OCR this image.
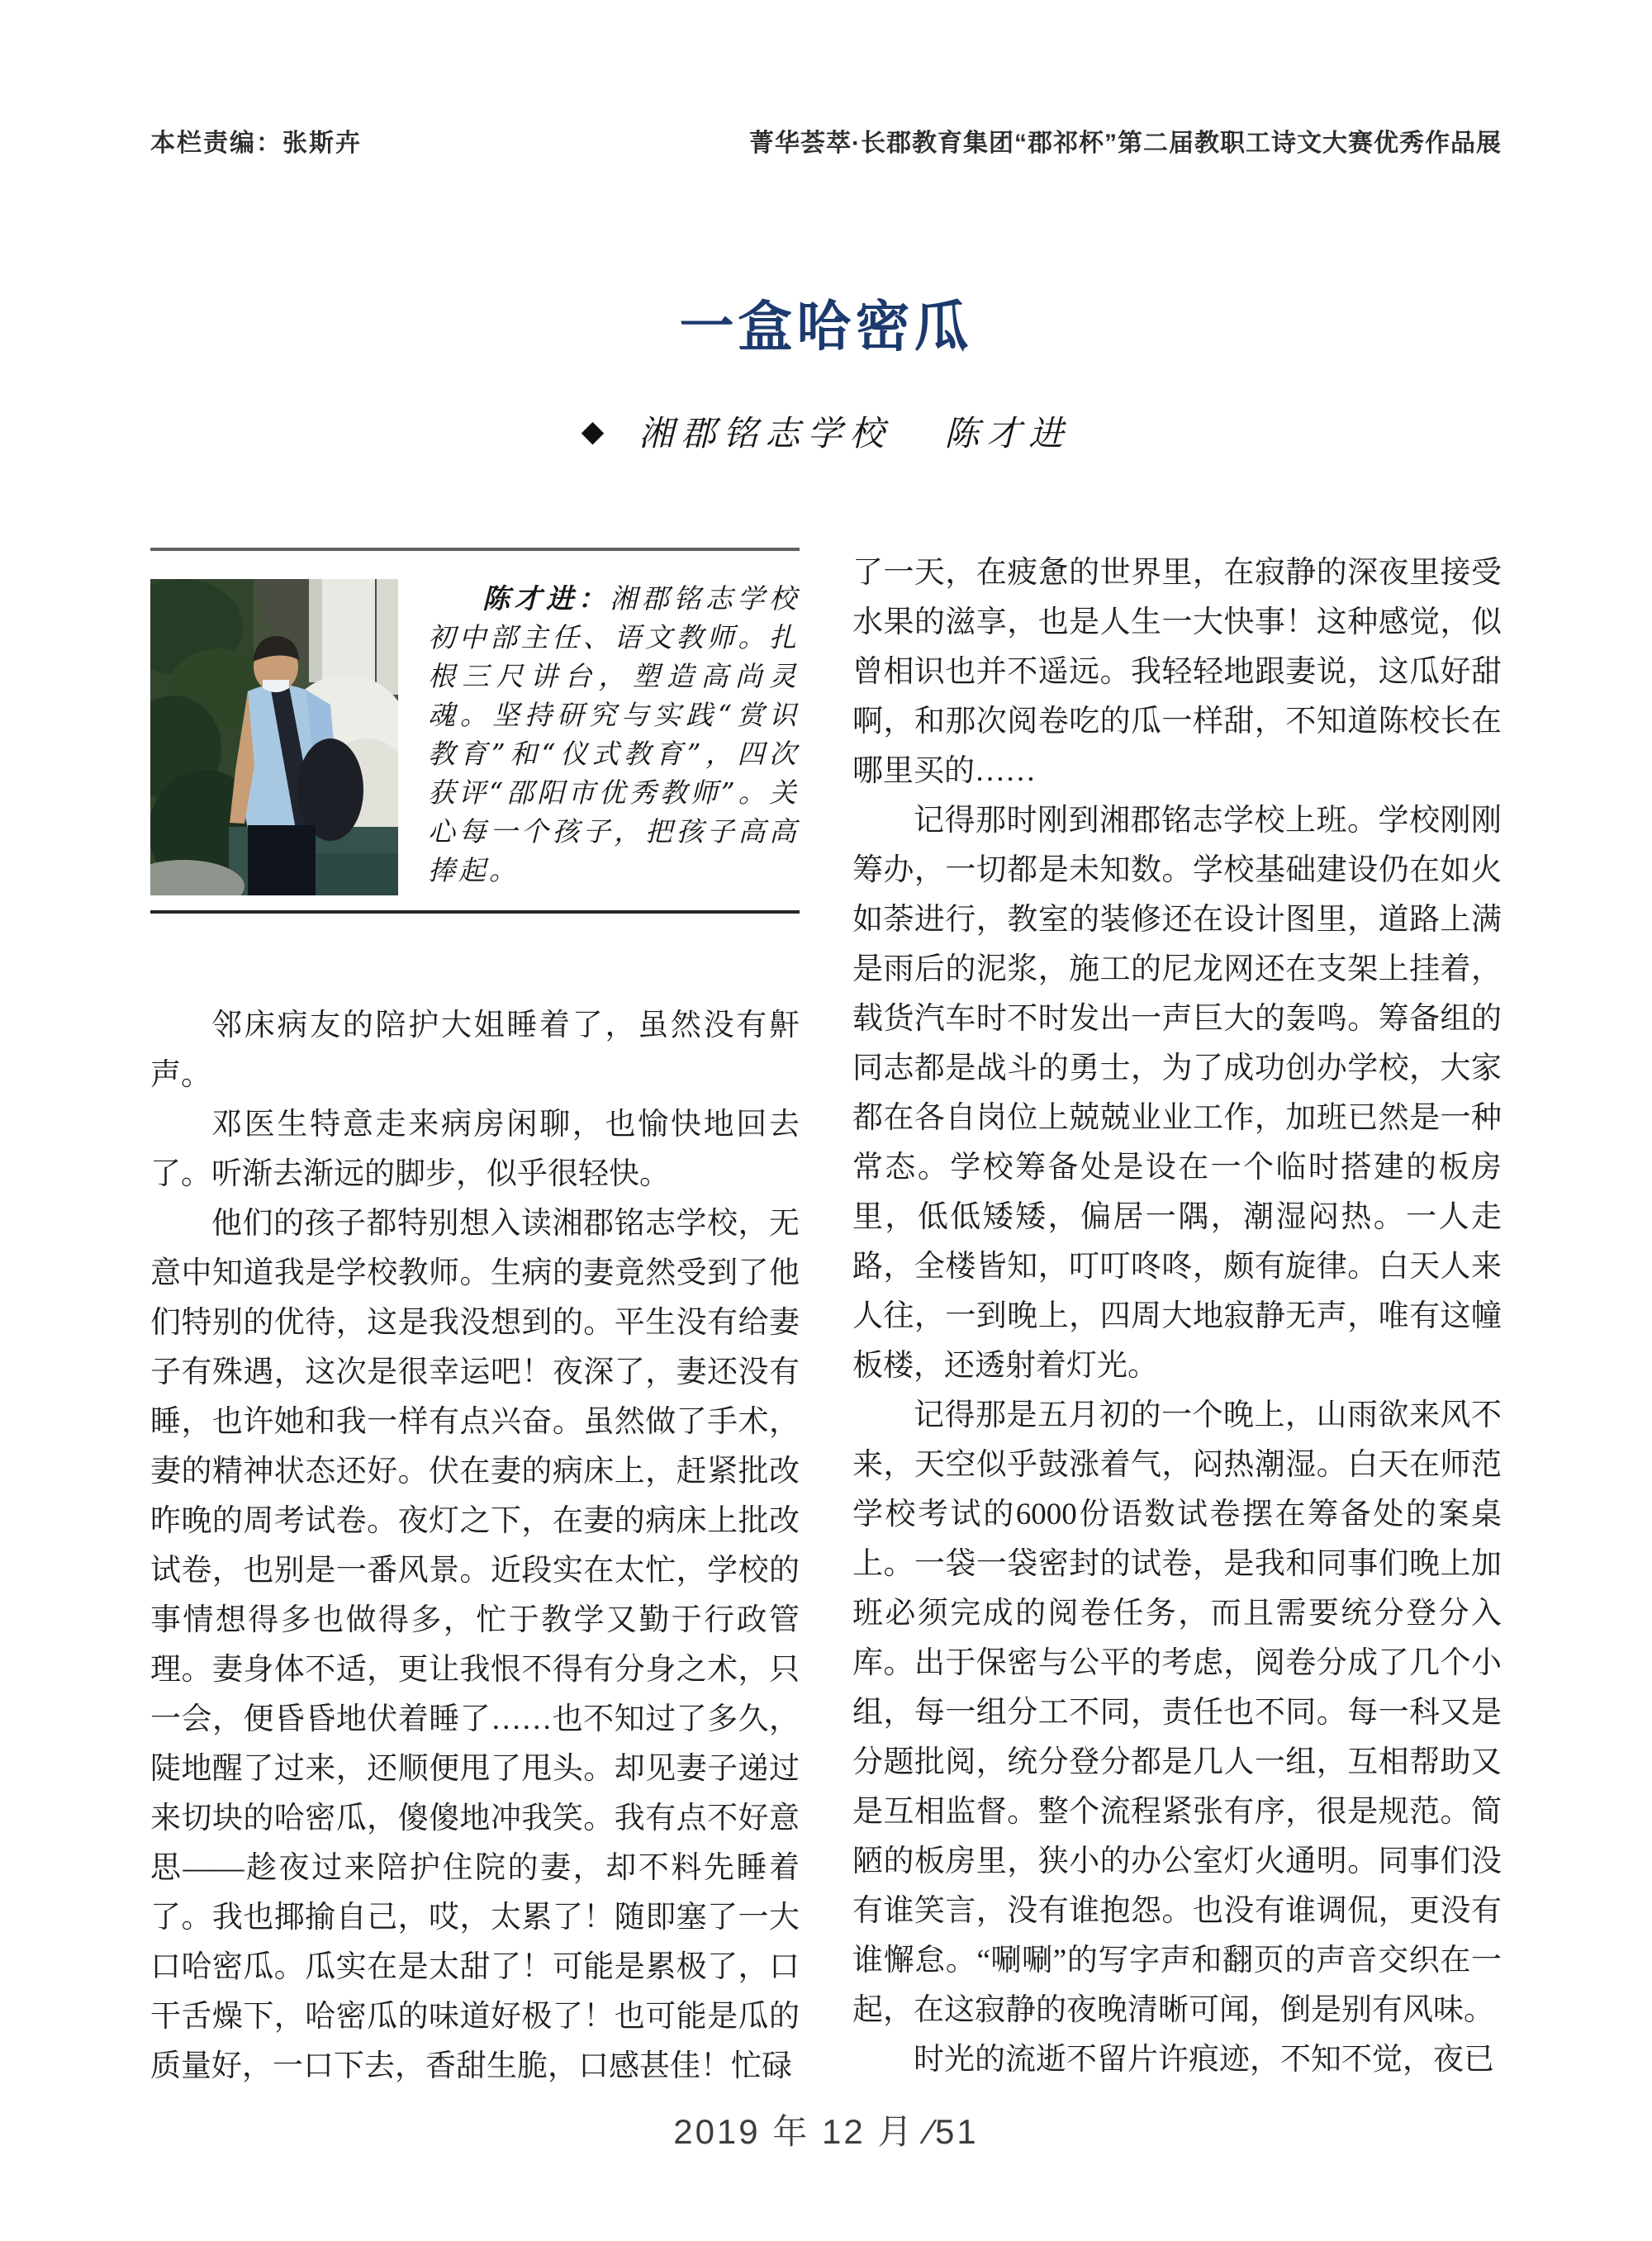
本栏责编：张斯卉	菁华荟萃·长郡教育集团“郡祁杯”第二届教职工诗文大赛优秀作品展
一盒哈密瓜
◆ 湘郡铭志学校 陈才进

陈才进：湘郡铭志学校初中部主任、语文教师。扎根三尺讲台，塑造高尚灵魂。坚持研究与实践“赏识教育”和“仪式教育”，四次获评“邵阳市优秀教师”。关心每一个孩子，把孩子高高捧起。

邻床病友的陪护大姐睡着了，虽然没有鼾声。

邓医生特意走来病房闲聊，也愉快地回去了。听渐去渐远的脚步，似乎很轻快。

他们的孩子都特别想入读湘郡铭志学校，无意中知道我是学校教师。生病的妻竟然受到了他们特别的优待，这是我没想到的。平生没有给妻子有殊遇，这次是很幸运吧！夜深了，妻还没有睡，也许她和我一样有点兴奋。虽然做了手术，妻的精神状态还好。伏在妻的病床上，赶紧批改昨晚的周考试卷。夜灯之下，在妻的病床上批改试卷，也别是一番风景。近段实在太忙，学校的事情想得多也做得多，忙于教学又勤于行政管理。妻身体不适，更让我恨不得有分身之术，只一会，便昏昏地伏着睡了……也不知过了多久，陡地醒了过来，还顺便甩了甩头。却见妻子递过来切块的哈密瓜，傻傻地冲我笑。我有点不好意思——趁夜过来陪护住院的妻，却不料先睡着了。我也揶揄自己，哎，太累了！随即塞了一大口哈密瓜。瓜实在是太甜了！可能是累极了，口干舌燥下，哈密瓜的味道好极了！也可能是瓜的质量好，一口下去，香甜生脆，口感甚佳！忙碌

了一天，在疲惫的世界里，在寂静的深夜里接受水果的滋享，也是人生一大快事！这种感觉，似曾相识也并不遥远。我轻轻地跟妻说，这瓜好甜啊，和那次阅卷吃的瓜一样甜，不知道陈校长在哪里买的……

记得那时刚到湘郡铭志学校上班。学校刚刚筹办，一切都是未知数。学校基础建设仍在如火如荼进行，教室的装修还在设计图里，道路上满是雨后的泥浆，施工的尼龙网还在支架上挂着，载货汽车时不时发出一声巨大的轰鸣。筹备组的同志都是战斗的勇士，为了成功创办学校，大家都在各自岗位上兢兢业业工作，加班已然是一种常态。学校筹备处是设在一个临时搭建的板房里，低低矮矮，偏居一隅，潮湿闷热。一人走路，全楼皆知，叮叮咚咚，颇有旋律。白天人来人往，一到晚上，四周大地寂静无声，唯有这幢板楼，还透射着灯光。

记得那是五月初的一个晚上，山雨欲来风不来，天空似乎鼓涨着气，闷热潮湿。白天在师范学校考试的6000份语数试卷摆在筹备处的案桌上。一袋一袋密封的试卷，是我和同事们晚上加班必须完成的阅卷任务，而且需要统分登分入库。出于保密与公平的考虑，阅卷分成了几个小组，每一组分工不同，责任也不同。每一科又是分题批阅，统分登分都是几人一组，互相帮助又是互相监督。整个流程紧张有序，很是规范。简陋的板房里，狭小的办公室灯火通明。同事们没有谁笑言，没有谁抱怨。也没有谁调侃，更没有谁懈怠。“唰唰”的写字声和翻页的声音交织在一起，在这寂静的夜晚清晰可闻，倒是别有风味。

时光的流逝不留片许痕迹，不知不觉，夜已

2019 年 12 月 ∕51
